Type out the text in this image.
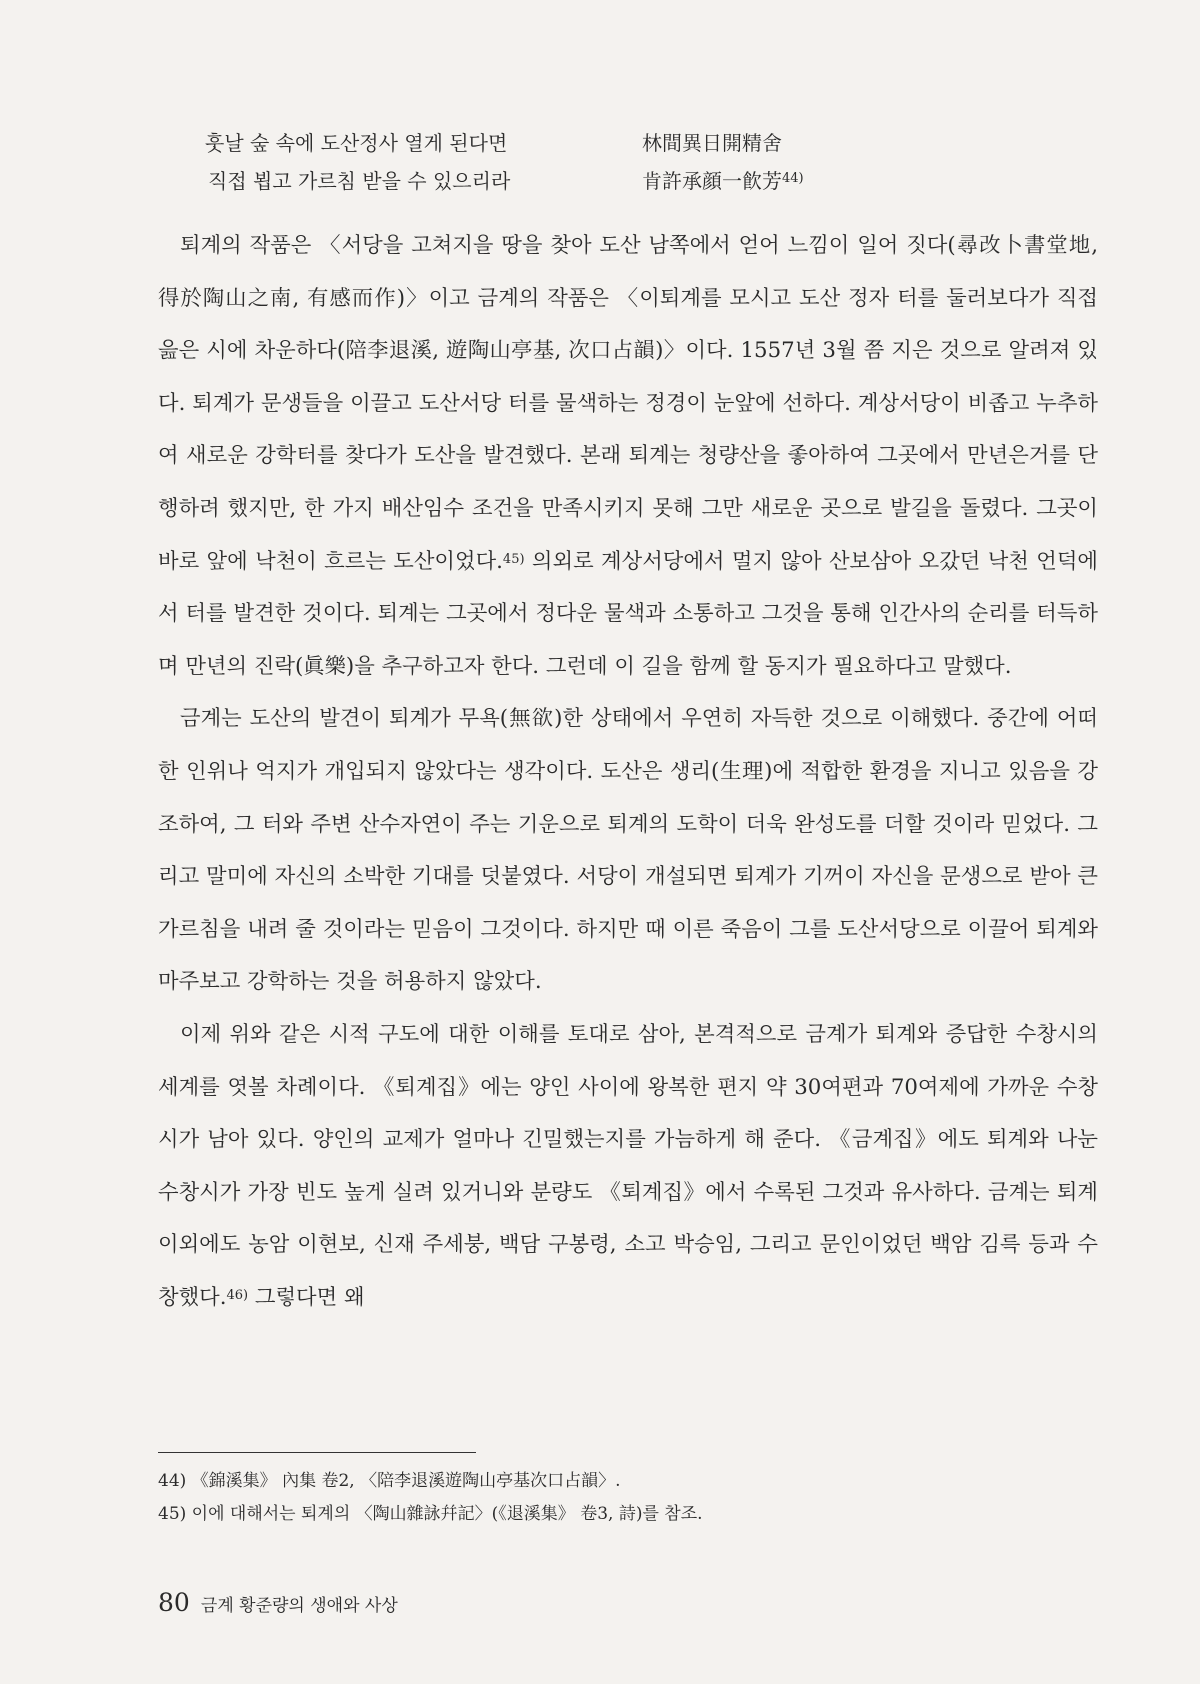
훗날 숲 속에 도산정사 열게 된다면	林間異日開精舍
직접 뵙고 가르침 받을 수 있으리라	肯許承顔一飮芳$^{44)}$

퇴계의 작품은 〈서당을 고쳐지을 땅을 찾아 도산 남쪽에서 얻어 느낌이 일어 짓다(尋改卜書堂地, 得於陶山之南, 有感而作)〉이고 금계의 작품은 〈이퇴계를 모시고 도산 정자 터를 둘러보다가 직접 읊은 시에 차운하다(陪李退溪, 遊陶山亭基, 次口占韻)〉이다. 1557년 3월 쯤 지은 것으로 알려져 있다. 퇴계가 문생들을 이끌고 도산서당 터를 물색하는 정경이 눈앞에 선하다. 계상서당이 비좁고 누추하여 새로운 강학터를 찾다가 도산을 발견했다. 본래 퇴계는 청량산을 좋아하여 그곳에서 만년은거를 단행하려 했지만, 한 가지 배산임수 조건을 만족시키지 못해 그만 새로운 곳으로 발길을 돌렸다. 그곳이 바로 앞에 낙천이 흐르는 도산이었다.$^{45)}$ 의외로 계상서당에서 멀지 않아 산보삼아 오갔던 낙천 언덕에서 터를 발견한 것이다. 퇴계는 그곳에서 정다운 물색과 소통하고 그것을 통해 인간사의 순리를 터득하며 만년의 진락(眞樂)을 추구하고자 한다. 그런데 이 길을 함께 할 동지가 필요하다고 말했다.

금계는 도산의 발견이 퇴계가 무욕(無欲)한 상태에서 우연히 자득한 것으로 이해했다. 중간에 어떠한 인위나 억지가 개입되지 않았다는 생각이다. 도산은 생리(生理)에 적합한 환경을 지니고 있음을 강조하여, 그 터와 주변 산수자연이 주는 기운으로 퇴계의 도학이 더욱 완성도를 더할 것이라 믿었다. 그리고 말미에 자신의 소박한 기대를 덧붙였다. 서당이 개설되면 퇴계가 기꺼이 자신을 문생으로 받아 큰 가르침을 내려 줄 것이라는 믿음이 그것이다. 하지만 때 이른 죽음이 그를 도산서당으로 이끌어 퇴계와 마주보고 강학하는 것을 허용하지 않았다.

이제 위와 같은 시적 구도에 대한 이해를 토대로 삼아, 본격적으로 금계가 퇴계와 증답한 수창시의 세계를 엿볼 차례이다. 《퇴계집》에는 양인 사이에 왕복한 편지 약 30여편과 70여제에 가까운 수창시가 남아 있다. 양인의 교제가 얼마나 긴밀했는지를 가늠하게 해 준다. 《금계집》에도 퇴계와 나눈 수창시가 가장 빈도 높게 실려 있거니와 분량도 《퇴계집》에서 수록된 그것과 유사하다. 금계는 퇴계 이외에도 농암 이현보, 신재 주세붕, 백담 구봉령, 소고 박승임, 그리고 문인이었던 백암 김륵 등과 수창했다.$^{46)}$ 그렇다면 왜

44) 《錦溪集》 內集 卷2, 〈陪李退溪遊陶山亭基次口占韻〉.
45) 이에 대해서는 퇴계의 〈陶山雜詠幷記〉(《退溪集》 卷3, 詩)를 참조.
80 금계 황준량의 생애와 사상
